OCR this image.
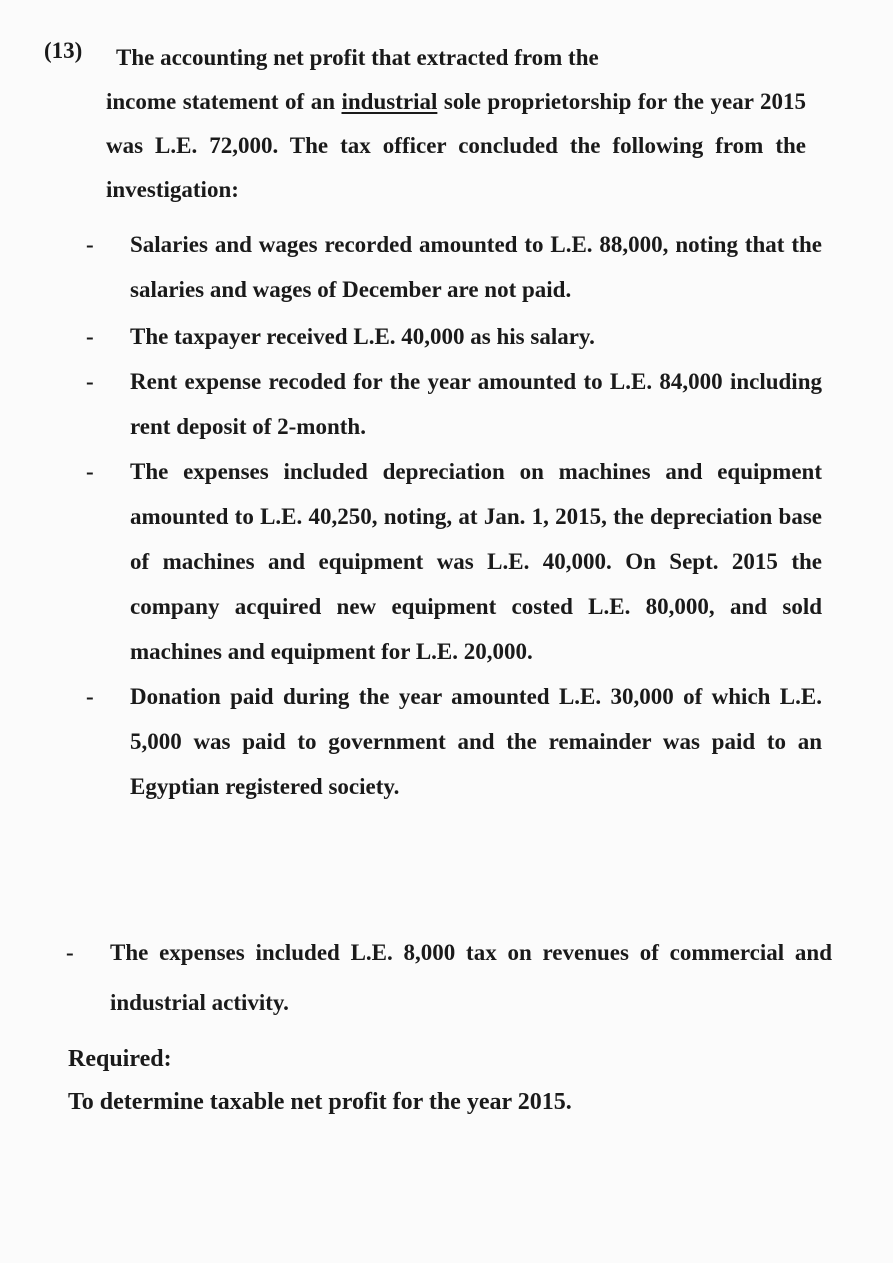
(13)	The accounting net profit that extracted from the
income statement of an industrial sole proprietorship for the year 2015 was L.E. 72,000. The tax officer concluded the following from the investigation:
- Salaries and wages recorded amounted to L.E. 88,000, noting that the salaries and wages of December are not paid.
- The taxpayer received L.E. 40,000 as his salary.
- Rent expense recoded for the year amounted to L.E. 84,000 including rent deposit of 2-month.
- The expenses included depreciation on machines and equipment amounted to L.E. 40,250, noting, at Jan. 1, 2015, the depreciation base of machines and equipment was L.E. 40,000. On Sept. 2015 the company acquired new equipment costed L.E. 80,000, and sold machines and equipment for L.E. 20,000.
- Donation paid during the year amounted L.E. 30,000 of which L.E. 5,000 was paid to government and the remainder was paid to an Egyptian registered society.
- The expenses included L.E. 8,000 tax on revenues of commercial and industrial activity.
Required:
To determine taxable net profit for the year 2015.
